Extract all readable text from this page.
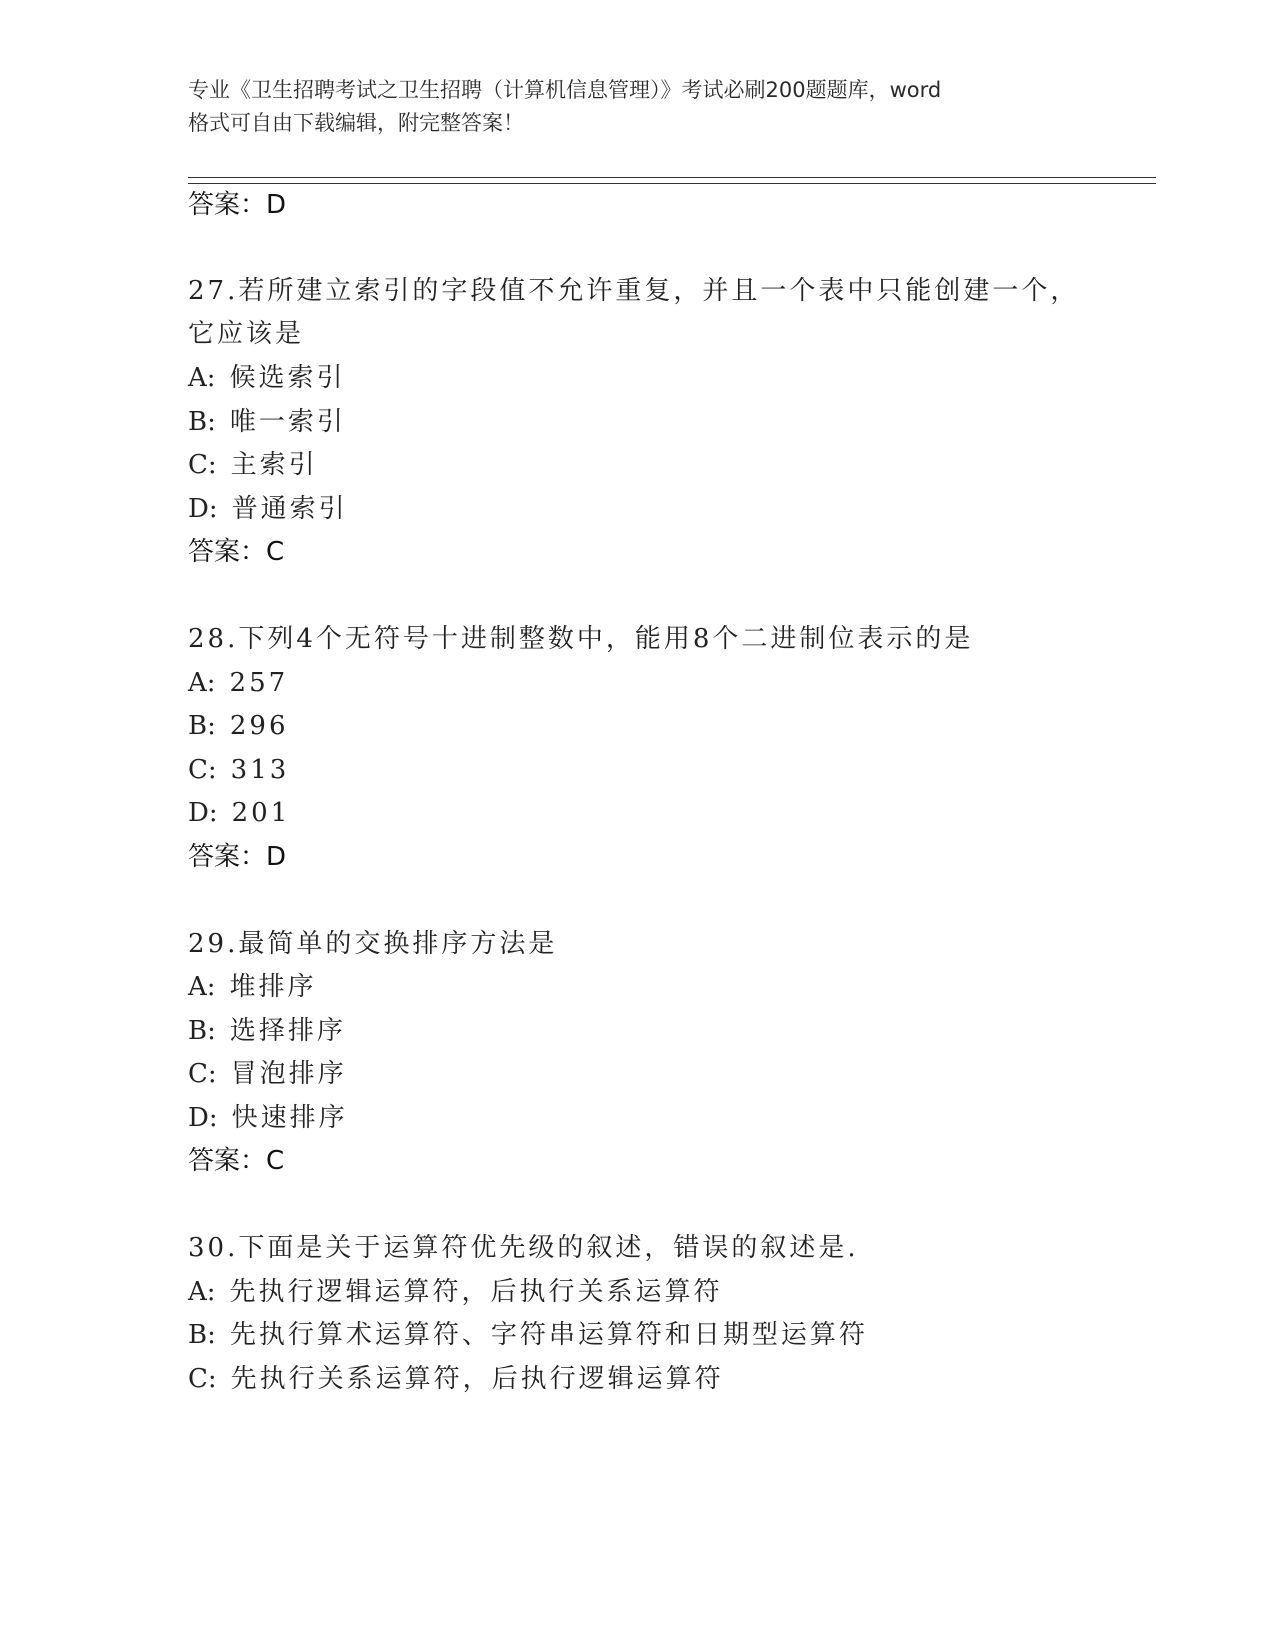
专业《卫生招聘考试之卫生招聘（计算机信息管理）》考试必刷200题题库，word
格式可自由下载编辑，附完整答案！
答案：D
27.若所建立索引的字段值不允许重复，并且一个表中只能创建一个，
它应该是
A: 候选索引
B: 唯一索引
C: 主索引
D: 普通索引
答案：C
28.下列4个无符号十进制整数中，能用8个二进制位表示的是
A: 257
B: 296
C: 313
D: 201
答案：D
29.最简单的交换排序方法是
A: 堆排序
B: 选择排序
C: 冒泡排序
D: 快速排序
答案：C
30.下面是关于运算符优先级的叙述，错误的叙述是.
A: 先执行逻辑运算符，后执行关系运算符
B: 先执行算术运算符、字符串运算符和日期型运算符
C: 先执行关系运算符，后执行逻辑运算符
